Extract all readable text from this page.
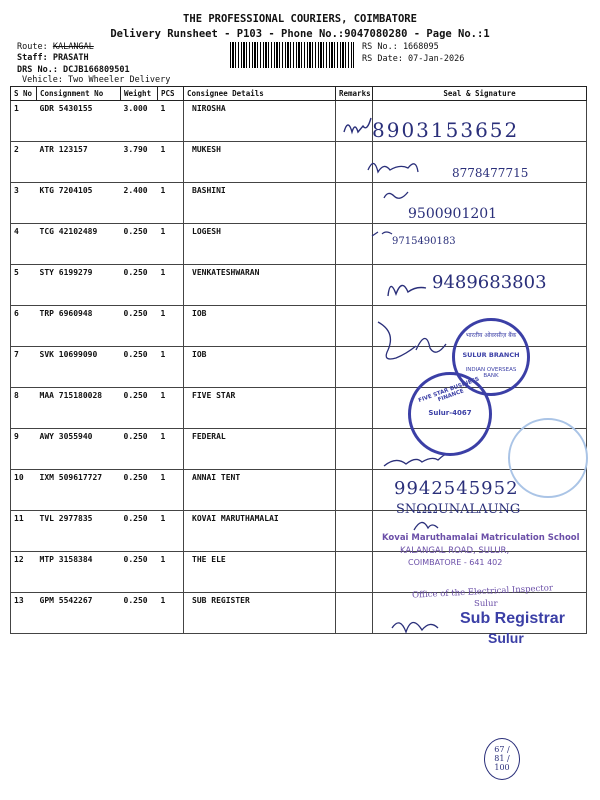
THE PROFESSIONAL COURIERS, COIMBATORE
Delivery Runsheet - P103 - Phone No.:9047080280 - Page No.:1
Route: KALANGAL
Staff: PRASATH
DRS No.: DCJB166809501
Vehicle: Two Wheeler Delivery
RS No.: 1668095
RS Date: 07-Jan-2026
S No	Consignment No	Weight	PCS	Consignee Details	Remarks	Seal & Signature
1	GDR 5430155	3.000	1	NIROSHA		
2	ATR 123157	3.790	1	MUKESH		
3	KTG 7204105	2.400	1	BASHINI		
4	TCG 42102489	0.250	1	LOGESH		
5	STY 6199279	0.250	1	VENKATESHWARAN		
6	TRP 6960948	0.250	1	IOB		
7	SVK 10699090	0.250	1	IOB		
8	MAA 715180028	0.250	1	FIVE STAR		
9	AWY 3055940	0.250	1	FEDERAL		
10	IXM 509617727	0.250	1	ANNAI TENT		
11	TVL 2977835	0.250	1	KOVAI MARUTHAMALAI		
12	MTP 3158384	0.250	1	THE ELE		
13	GPM 5542267	0.250	1	SUB REGISTER		
8903153652
8778477715
9500901201
9715490183
9489683803
9942545952
SNΩΩUNɅLɅUNG
भारतीय ओवरसीज़ बैंक
SULUR BRANCH
INDIAN OVERSEAS BANK
FIVE STAR BUSINESS FINANCE
Sulur-4067
Kovai Maruthamalai Matriculation School
KALANGAL ROAD, SULUR,
COIMBATORE - 641 402
Office of the Electrical Inspector
Sulur
Sub Registrar
Sulur
67 / 81 / 100
